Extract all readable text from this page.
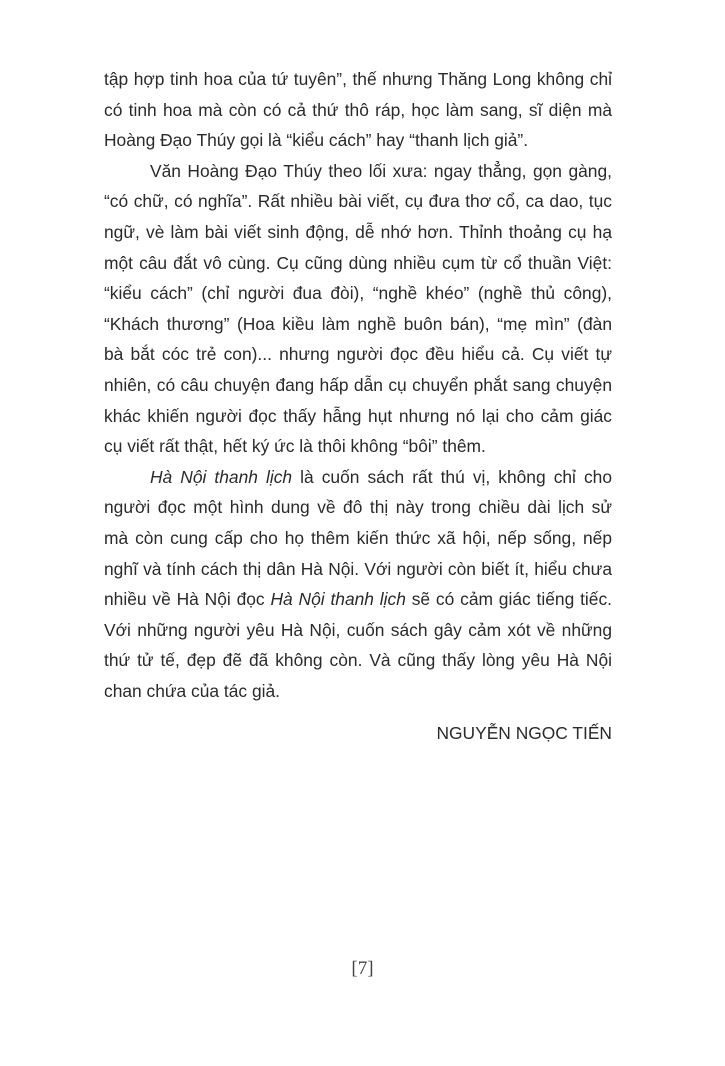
tập hợp tinh hoa của tứ tuyên”, thế nhưng Thăng Long không chỉ
có tinh hoa mà còn có cả thứ thô ráp, học làm sang, sĩ diện mà
Hoàng Đạo Thúy gọi là “kiểu cách” hay “thanh lịch giả”.

Văn Hoàng Đạo Thúy theo lối xưa: ngay thẳng, gọn gàng,
“có chữ, có nghĩa”. Rất nhiều bài viết, cụ đưa thơ cổ, ca dao, tục
ngữ, vè làm bài viết sinh động, dễ nhớ hơn. Thỉnh thoảng cụ hạ
một câu đắt vô cùng. Cụ cũng dùng nhiều cụm từ cổ thuần Việt:
“kiểu cách” (chỉ người đua đòi), “nghề khéo” (nghề thủ công),
“Khách thương” (Hoa kiều làm nghề buôn bán), “mẹ mìn” (đàn
bà bắt cóc trẻ con)... nhưng người đọc đều hiểu cả. Cụ viết tự
nhiên, có câu chuyện đang hấp dẫn cụ chuyển phắt sang chuyện
khác khiến người đọc thấy hẫng hụt nhưng nó lại cho cảm giác
cụ viết rất thật, hết ký ức là thôi không “bôi” thêm.

Hà Nội thanh lịch là cuốn sách rất thú vị, không chỉ cho
người đọc một hình dung về đô thị này trong chiều dài lịch sử
mà còn cung cấp cho họ thêm kiến thức xã hội, nếp sống, nếp
nghĩ và tính cách thị dân Hà Nội. Với người còn biết ít, hiểu chưa
nhiều về Hà Nội đọc Hà Nội thanh lịch sẽ có cảm giác tiếng tiếc.
Với những người yêu Hà Nội, cuốn sách gây cảm xót về những
thứ tử tế, đẹp đẽ đã không còn. Và cũng thấy lòng yêu Hà Nội
chan chứa của tác giả.

NGUYỄN NGỌC TIẾN
[7]
